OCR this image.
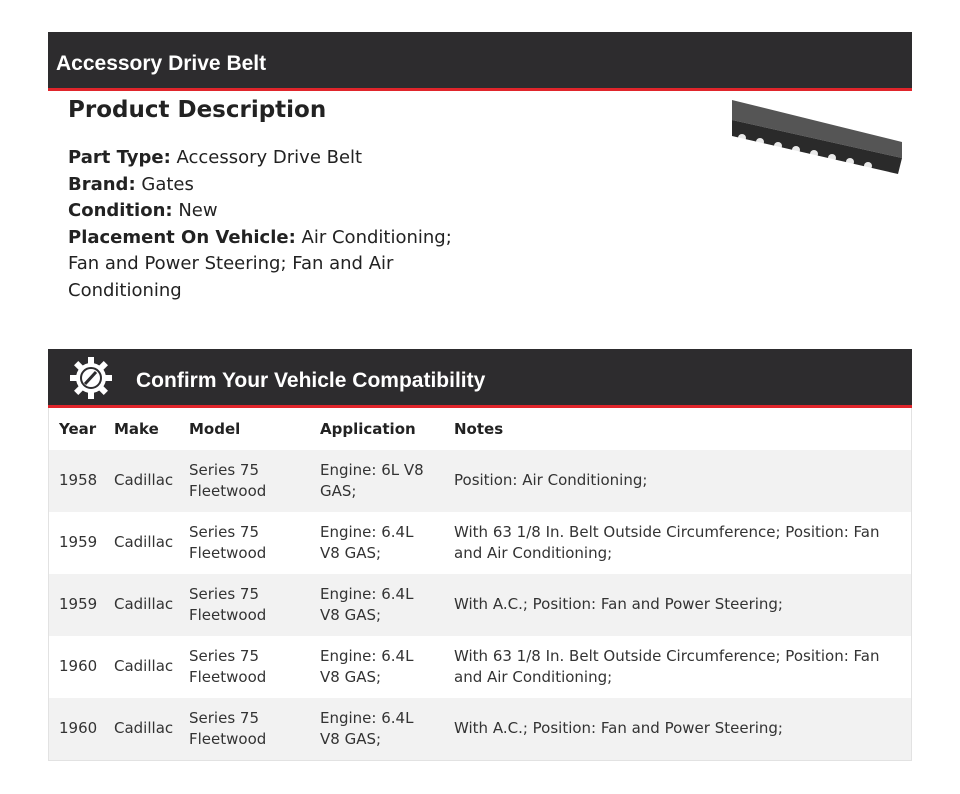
Accessory Drive Belt
Product Description

Part Type: Accessory Drive Belt
Brand: Gates
Condition: New
Placement On Vehicle: Air Conditioning; Fan and Power Steering; Fan and Air Conditioning

Confirm Your Vehicle Compatibility
Year	Make	Model	Application	Notes
1958	Cadillac	Series 75 Fleetwood	Engine: 6L V8 GAS;	Position: Air Conditioning;
1959	Cadillac	Series 75 Fleetwood	Engine: 6.4L V8 GAS;	With 63 1/8 In. Belt Outside Circumference; Position: Fan and Air Conditioning;
1959	Cadillac	Series 75 Fleetwood	Engine: 6.4L V8 GAS;	With A.C.; Position: Fan and Power Steering;
1960	Cadillac	Series 75 Fleetwood	Engine: 6.4L V8 GAS;	With 63 1/8 In. Belt Outside Circumference; Position: Fan and Air Conditioning;
1960	Cadillac	Series 75 Fleetwood	Engine: 6.4L V8 GAS;	With A.C.; Position: Fan and Power Steering;
